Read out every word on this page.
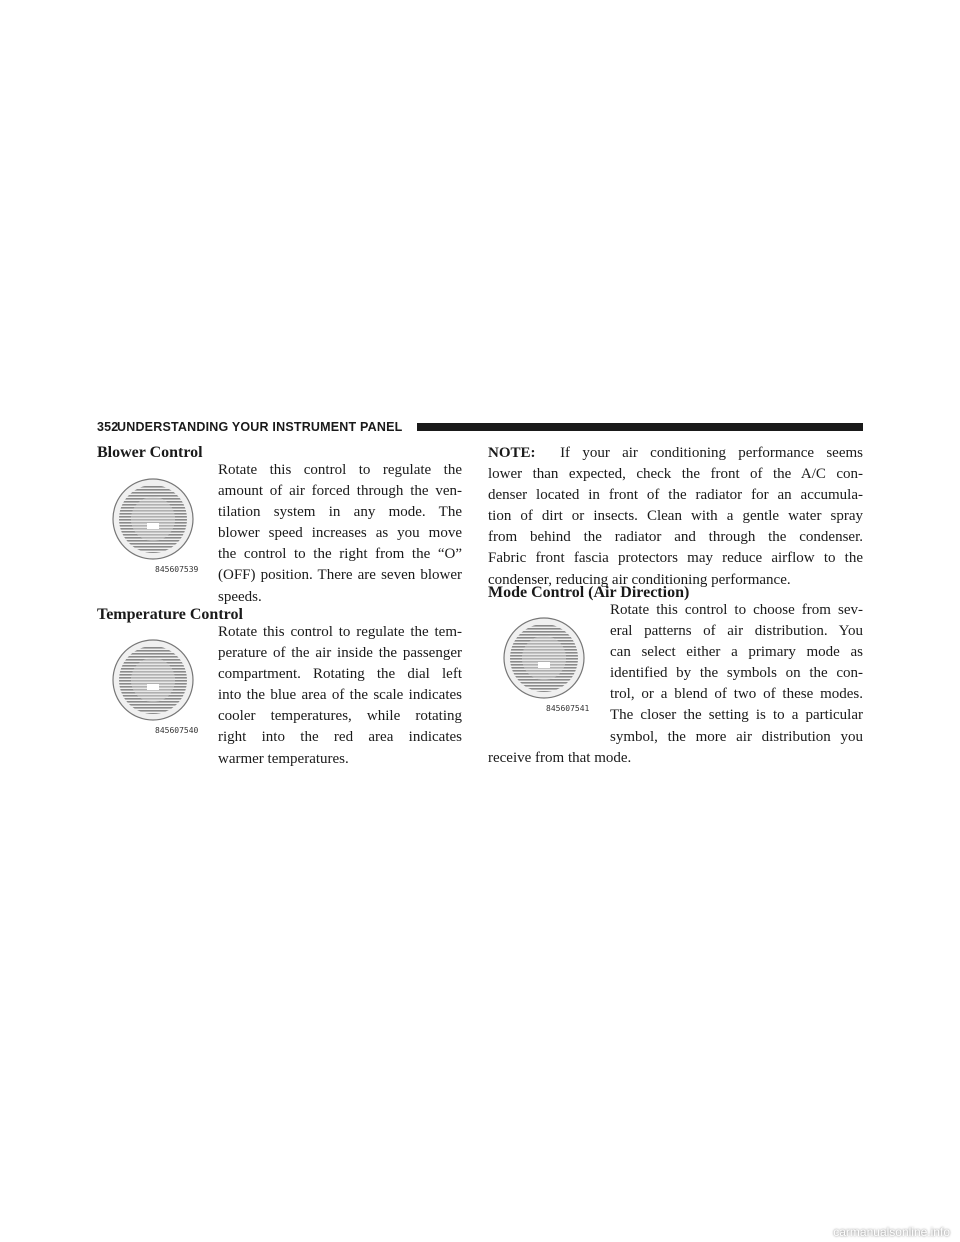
352
UNDERSTANDING YOUR INSTRUMENT PANEL
Blower Control
845607539
Rotate this control to regulate the
amount of air forced through the ven-
tilation system in any mode. The
blower speed increases as you move
the control to the right from the “O”
(OFF) position. There are seven blower
speeds.
Temperature Control
845607540
Rotate this control to regulate the tem-
perature of the air inside the passenger
compartment. Rotating the dial left
into the blue area of the scale indicates
cooler temperatures, while rotating
right into the red area indicates
warmer temperatures.
NOTE: If your air conditioning performance seems
lower than expected, check the front of the A/C con-
denser located in front of the radiator for an accumula-
tion of dirt or insects. Clean with a gentle water spray
from behind the radiator and through the condenser.
Fabric front fascia protectors may reduce airflow to the
condenser, reducing air conditioning performance.
Mode Control (Air Direction)
845607541
Rotate this control to choose from sev-
eral patterns of air distribution. You
can select either a primary mode as
identified by the symbols on the con-
trol, or a blend of two of these modes.
The closer the setting is to a particular
symbol, the more air distribution you
receive from that mode.
carmanualsonline.info
